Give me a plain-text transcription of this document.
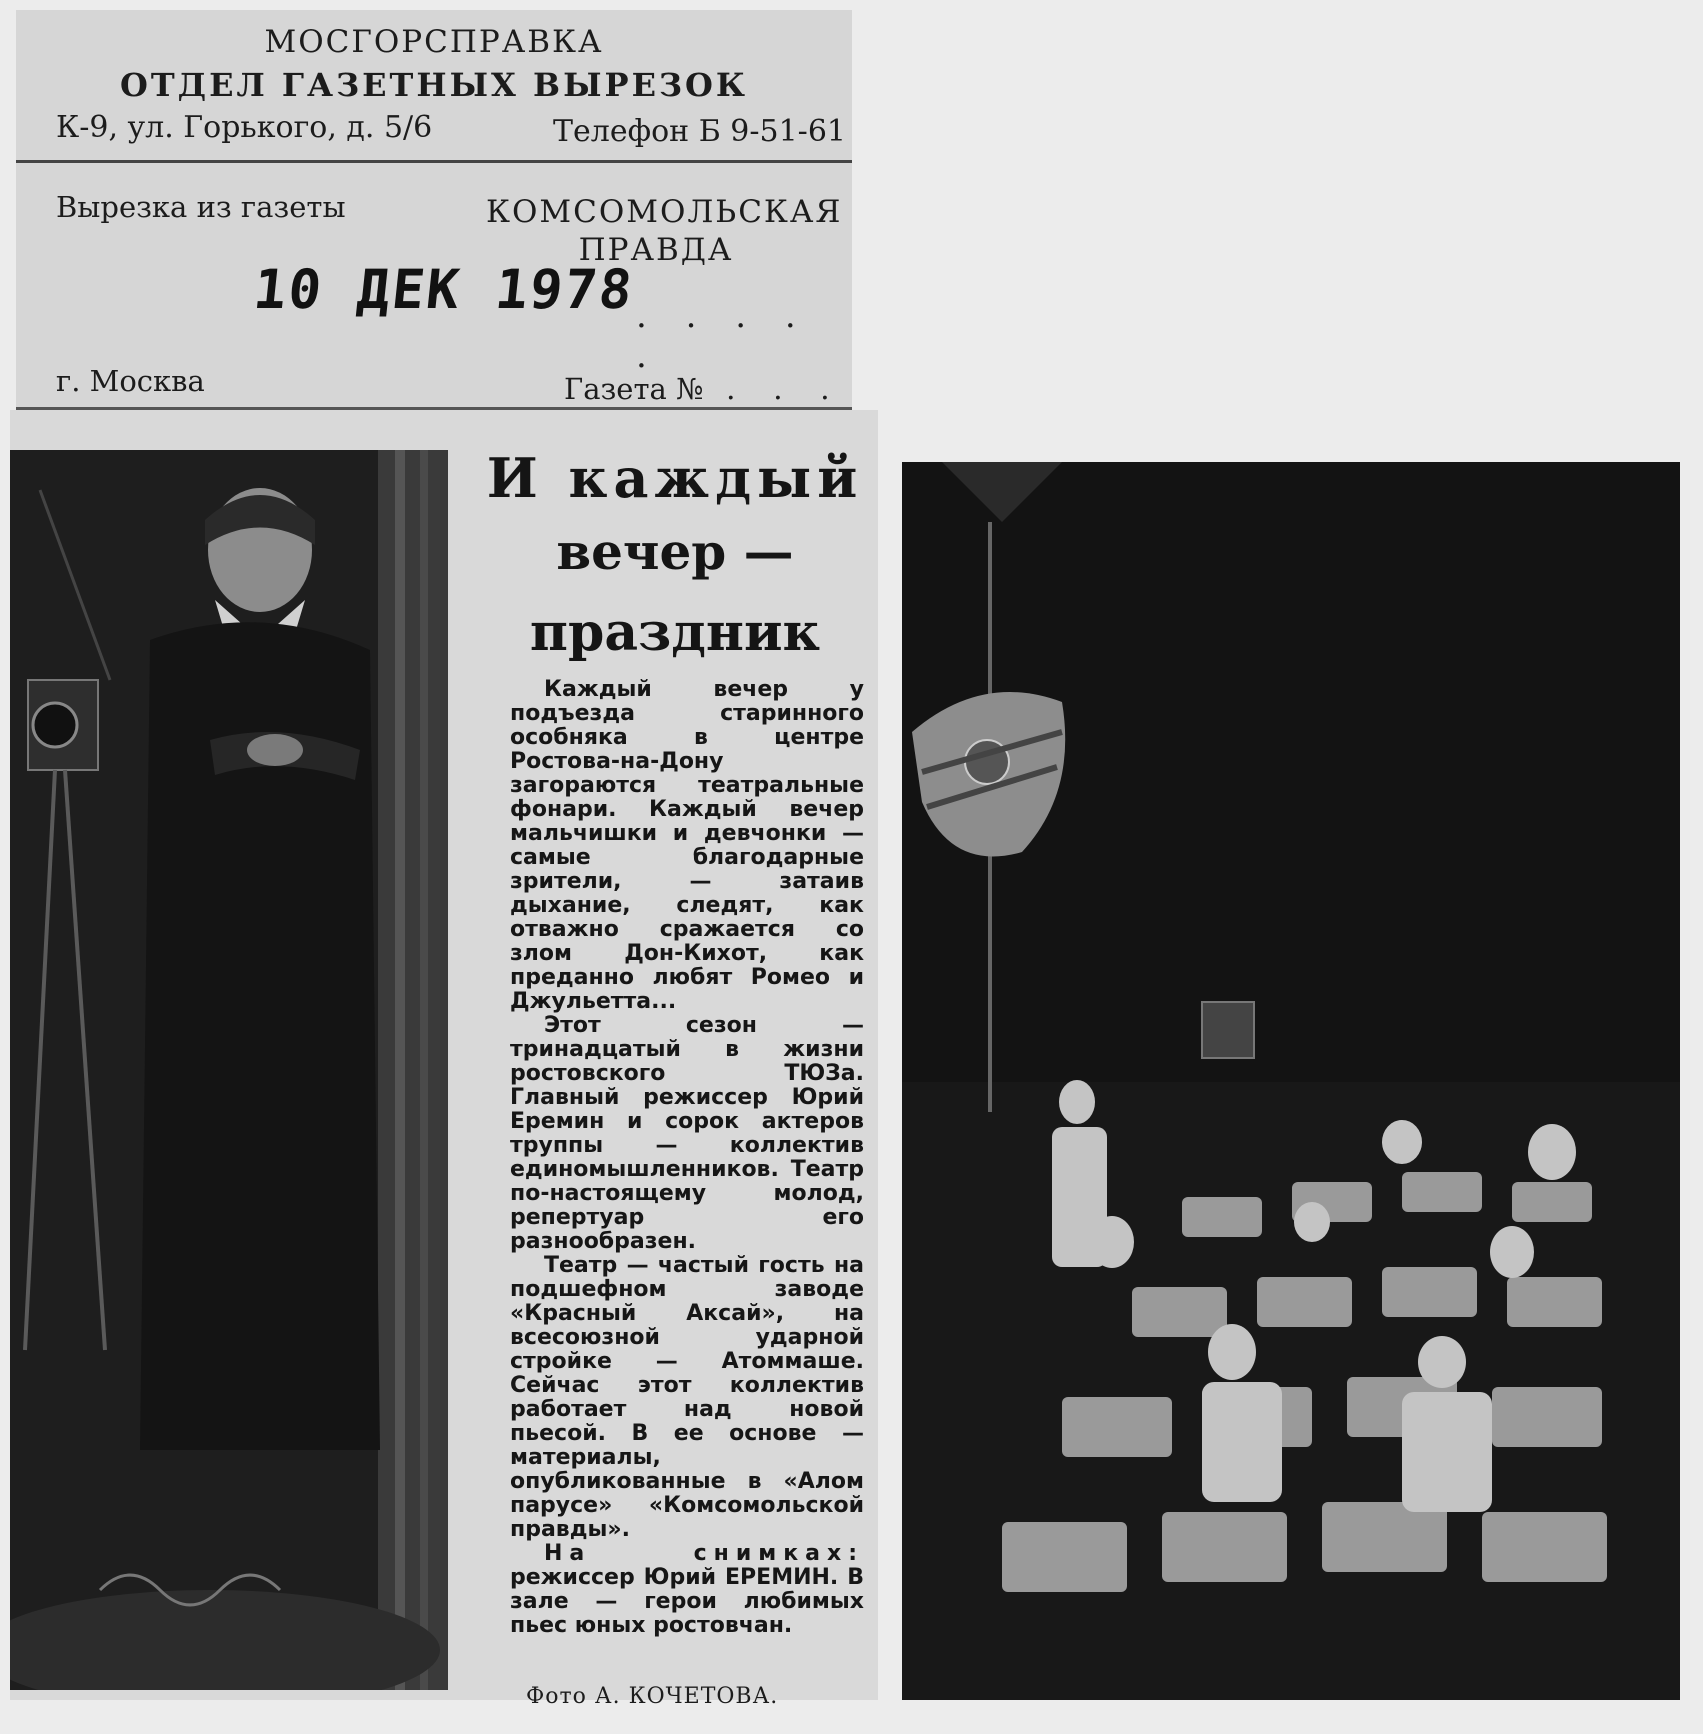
МОСГОРСПРАВКА
ОТДЕЛ ГАЗЕТНЫХ ВЫРЕЗОК
К-9, ул. Горького, д. 5/6	Телефон Б 9-51-61
Вырезка из газеты	КОМСОМОЛЬСКАЯ
ПРАВДА
10 ДЕК 1978 . . . . .
г. Москва	Газета № . . .
И каждый
вечер —
праздник

Каждый вечер у подъезда старинного особняка в центре Ростова-на-Дону загораются театральные фонари. Каждый вечер мальчишки и девчонки — самые благодарные зрители, — затаив дыхание, следят, как отважно сражается со злом Дон-Кихот, как преданно любят Ромео и Джульетта...

Этот сезон — тринадцатый в жизни ростовского ТЮЗа. Главный режиссер Юрий Еремин и сорок актеров труппы — коллектив единомышленников. Театр по-настоящему молод, репертуар его разнообразен.

Театр — частый гость на подшефном заводе «Красный Аксай», на всесоюзной ударной стройке — Атоммаше. Сейчас этот коллектив работает над новой пьесой. В ее основе — материалы, опубликованные в «Алом парусе» «Комсомольской правды».

На снимках: режиссер Юрий ЕРЕМИН. В зале — герои любимых пьес юных ростовчан.

Фото А. КОЧЕТОВА.
